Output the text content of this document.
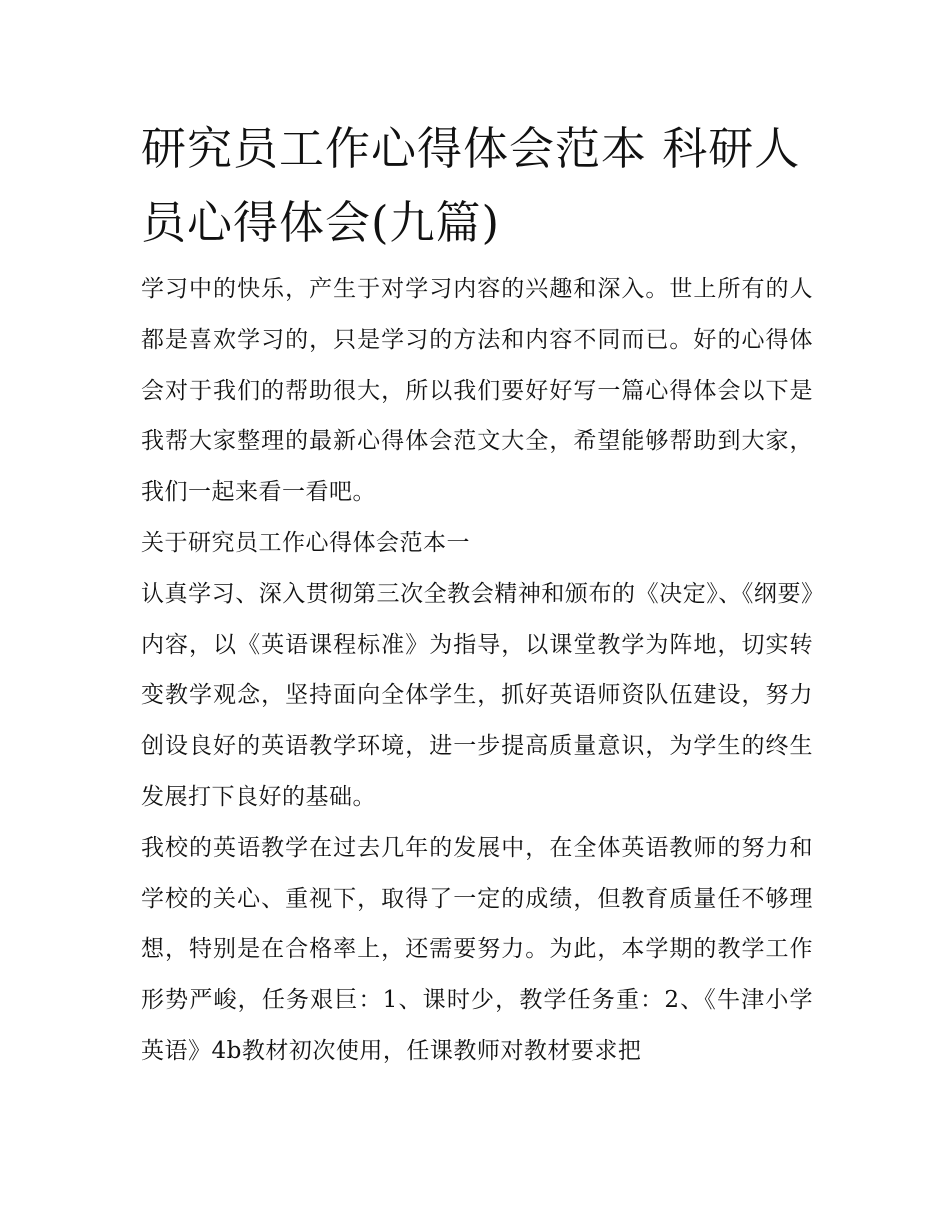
研究员工作心得体会范本 科研人员心得体会(九篇)

学习中的快乐，产生于对学习内容的兴趣和深入。世上所有的人都是喜欢学习的，只是学习的方法和内容不同而已。好的心得体会对于我们的帮助很大，所以我们要好好写一篇心得体会以下是我帮大家整理的最新心得体会范文大全，希望能够帮助到大家，我们一起来看一看吧。

关于研究员工作心得体会范本一

认真学习、深入贯彻第三次全教会精神和颁布的《决定》、《纲要》内容，以《英语课程标准》为指导，以课堂教学为阵地，切实转变教学观念，坚持面向全体学生，抓好英语师资队伍建设，努力创设良好的英语教学环境，进一步提高质量意识，为学生的终生发展打下良好的基础。

我校的英语教学在过去几年的发展中，在全体英语教师的努力和学校的关心、重视下，取得了一定的成绩，但教育质量任不够理想，特别是在合格率上，还需要努力。为此，本学期的教学工作形势严峻，任务艰巨：1、课时少，教学任务重：2、《牛津小学英语》4b教材初次使用，任课教师对教材要求把
